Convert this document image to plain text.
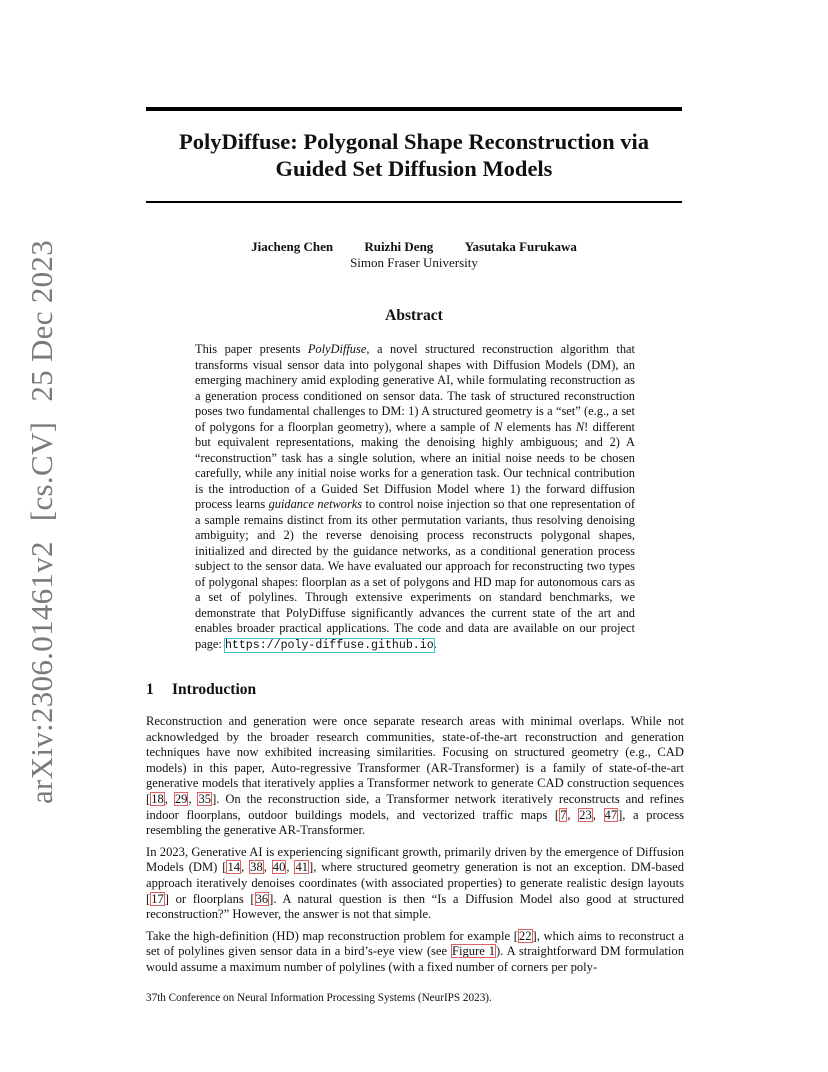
arXiv:2306.01461v2 [cs.CV] 25 Dec 2023
PolyDiffuse: Polygonal Shape Reconstruction via
Guided Set Diffusion Models
Jiacheng Chen Ruizhi Deng Yasutaka Furukawa
Simon Fraser University
Abstract

This paper presents PolyDiffuse, a novel structured reconstruction algorithm that transforms visual sensor data into polygonal shapes with Diffusion Models (DM), an emerging machinery amid exploding generative AI, while formulating reconstruction as a generation process conditioned on sensor data. The task of structured reconstruction poses two fundamental challenges to DM: 1) A structured geometry is a “set” (e.g., a set of polygons for a floorplan geometry), where a sample of N elements has N! different but equivalent representations, making the denoising highly ambiguous; and 2) A “reconstruction” task has a single solution, where an initial noise needs to be chosen carefully, while any initial noise works for a generation task. Our technical contribution is the introduction of a Guided Set Diffusion Model where 1) the forward diffusion process learns guidance networks to control noise injection so that one representation of a sample remains distinct from its other permutation variants, thus resolving denoising ambiguity; and 2) the reverse denoising process reconstructs polygonal shapes, initialized and directed by the guidance networks, as a conditional generation process subject to the sensor data. We have evaluated our approach for reconstructing two types of polygonal shapes: floorplan as a set of polygons and HD map for autonomous cars as a set of polylines. Through extensive experiments on standard benchmarks, we demonstrate that PolyDiffuse significantly advances the current state of the art and enables broader practical applications. The code and data are available on our project page: https://poly-diffuse.github.io.

1 Introduction

Reconstruction and generation were once separate research areas with minimal overlaps. While not acknowledged by the broader research communities, state-of-the-art reconstruction and generation techniques have now exhibited increasing similarities. Focusing on structured geometry (e.g., CAD models) in this paper, Auto-regressive Transformer (AR-Transformer) is a family of state-of-the-art generative models that iteratively applies a Transformer network to generate CAD construction sequences [18, 29, 35]. On the reconstruction side, a Transformer network iteratively reconstructs and refines indoor floorplans, outdoor buildings models, and vectorized traffic maps [7, 23, 47], a process resembling the generative AR-Transformer.

In 2023, Generative AI is experiencing significant growth, primarily driven by the emergence of Diffusion Models (DM) [14, 38, 40, 41], where structured geometry generation is not an exception. DM-based approach iteratively denoises coordinates (with associated properties) to generate realistic design layouts [17] or floorplans [36]. A natural question is then “Is a Diffusion Model also good at structured reconstruction?” However, the answer is not that simple.

Take the high-definition (HD) map reconstruction problem for example [22], which aims to reconstruct a set of polylines given sensor data in a bird’s-eye view (see Figure 1). A straightforward DM formulation would assume a maximum number of polylines (with a fixed number of corners per poly-

37th Conference on Neural Information Processing Systems (NeurIPS 2023).
